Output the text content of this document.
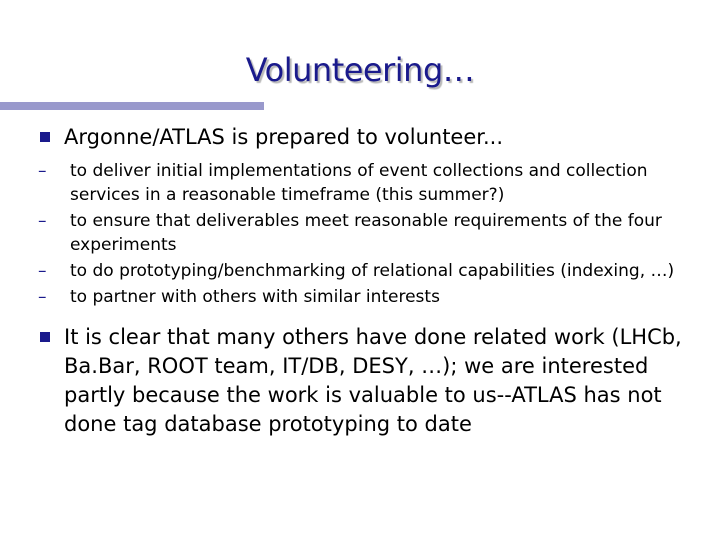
Volunteering…
Argonne/ATLAS is prepared to volunteer...
– to deliver initial implementations of event collections and collection services in a reasonable timeframe (this summer?)
– to ensure that deliverables meet reasonable requirements of the four experiments
– to do prototyping/benchmarking of relational capabilities (indexing, …)
– to partner with others with similar interests
It is clear that many others have done related work (LHCb, Ba.Bar, ROOT team, IT/DB, DESY, …); we are interested partly because the work is valuable to us--ATLAS has not done tag database prototyping to date
